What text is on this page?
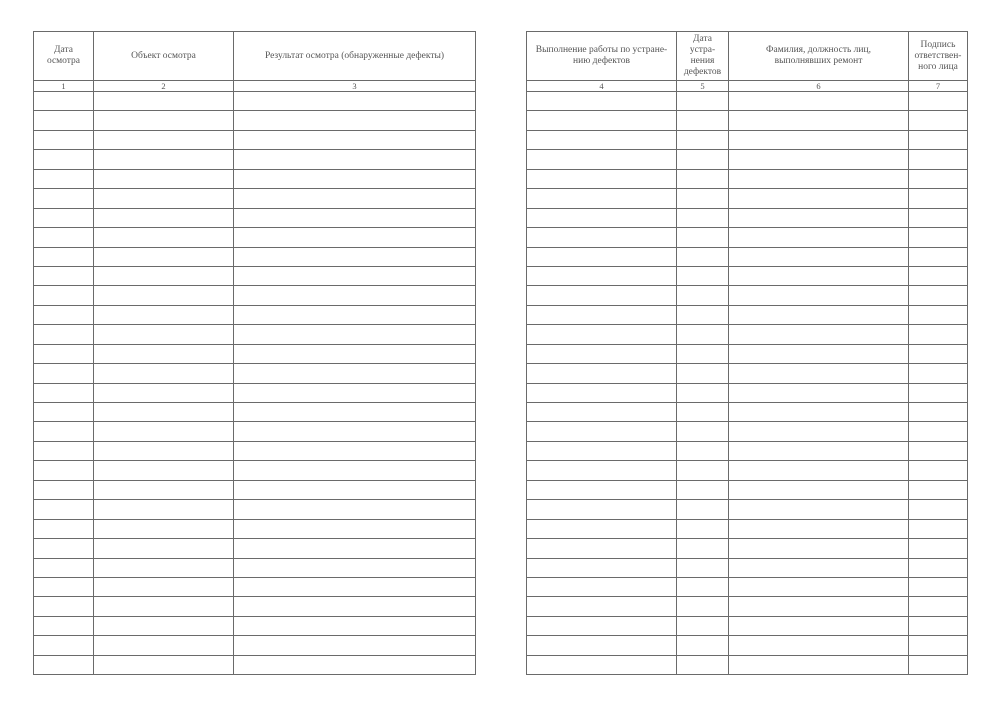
Дата осмотра	Объект осмотра	Результат осмотра (обнаруженные дефекты)
1	2	3

Выполнение работы по устране-нию дефектов	Дата устра-нения дефектов	Фамилия, должность лиц, выполнявших ремонт	Подпись ответствен-ного лица
4	5	6	7
